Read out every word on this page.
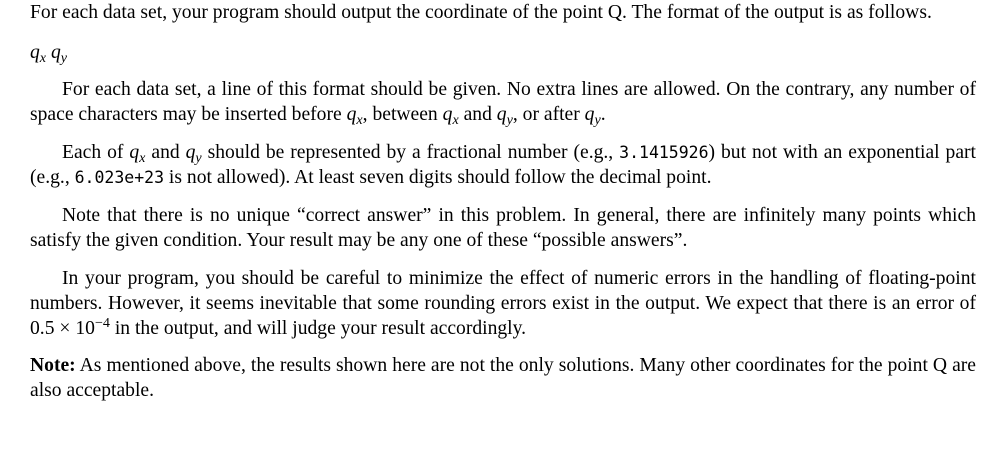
For each data set, your program should output the coordinate of the point Q. The format of the output is as follows.

$q_x$ $q_y$

For each data set, a line of this format should be given. No extra lines are allowed. On the contrary, any number of space characters may be inserted before $q_x$, between $q_x$ and $q_y$, or after $q_y$.

Each of $q_x$ and $q_y$ should be represented by a fractional number (e.g., 3.1415926) but not with an exponential part (e.g., 6.023e+23 is not allowed). At least seven digits should follow the decimal point.

Note that there is no unique “correct answer” in this problem. In general, there are infinitely many points which satisfy the given condition. Your result may be any one of these “possible answers”.

In your program, you should be careful to minimize the effect of numeric errors in the handling of floating-point numbers. However, it seems inevitable that some rounding errors exist in the output. We expect that there is an error of $0.5 \times 10^{-4}$ in the output, and will judge your result accordingly.

Note: As mentioned above, the results shown here are not the only solutions. Many other coordinates for the point Q are also acceptable.
